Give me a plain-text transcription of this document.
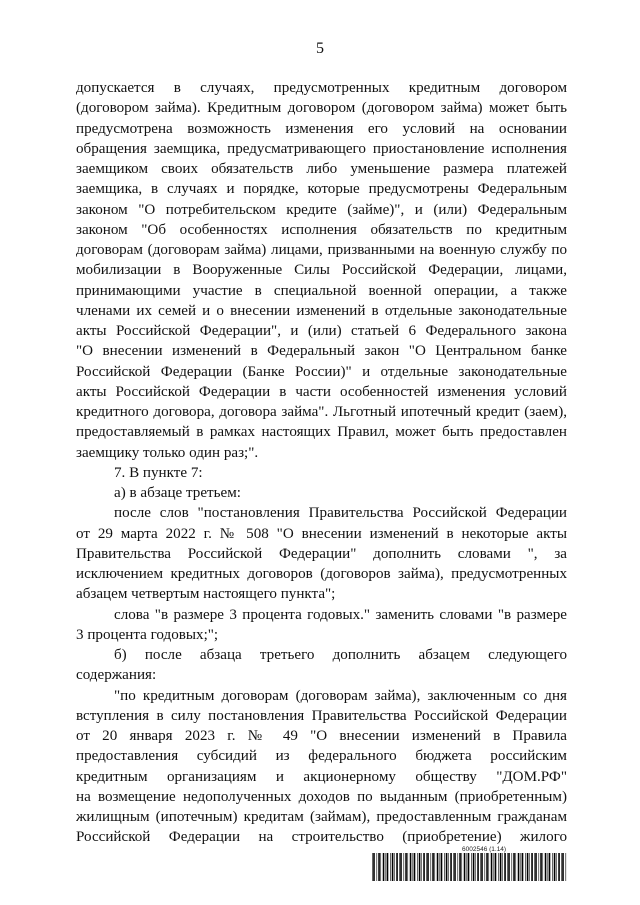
5
допускается в случаях, предусмотренных кредитным договором
(договором займа). Кредитным договором (договором займа) может быть
предусмотрена возможность изменения его условий на основании
обращения заемщика, предусматривающего приостановление исполнения
заемщиком своих обязательств либо уменьшение размера платежей
заемщика, в случаях и порядке, которые предусмотрены Федеральным
законом "О потребительском кредите (займе)", и (или) Федеральным
законом "Об особенностях исполнения обязательств по кредитным
договорам (договорам займа) лицами, призванными на военную службу по
мобилизации в Вооруженные Силы Российской Федерации, лицами,
принимающими участие в специальной военной операции, а также
членами их семей и о внесении изменений в отдельные законодательные
акты Российской Федерации", и (или) статьей 6 Федерального закона
"О внесении изменений в Федеральный закон "О Центральном банке
Российской Федерации (Банке России)" и отдельные законодательные
акты Российской Федерации в части особенностей изменения условий
кредитного договора, договора займа". Льготный ипотечный кредит (заем),
предоставляемый в рамках настоящих Правил, может быть предоставлен
заемщику только один раз;".
7. В пункте 7:
а) в абзаце третьем:
после слов "постановления Правительства Российской Федерации
от 29 марта 2022 г. № 508 "О внесении изменений в некоторые акты
Правительства Российской Федерации" дополнить словами ", за
исключением кредитных договоров (договоров займа), предусмотренных
абзацем четвертым настоящего пункта";
слова "в размере 3 процента годовых." заменить словами "в размере
3 процента годовых;";
б) после абзаца третьего дополнить абзацем следующего
содержания:
"по кредитным договорам (договорам займа), заключенным со дня
вступления в силу постановления Правительства Российской Федерации
от 20 января 2023 г. № 49 "О внесении изменений в Правила
предоставления субсидий из федерального бюджета российским
кредитным организациям и акционерному обществу "ДОМ.РФ"
на возмещение недополученных доходов по выданным (приобретенным)
жилищным (ипотечным) кредитам (займам), предоставленным гражданам
Российской Федерации на строительство (приобретение) жилого
6002546 (1.14)
